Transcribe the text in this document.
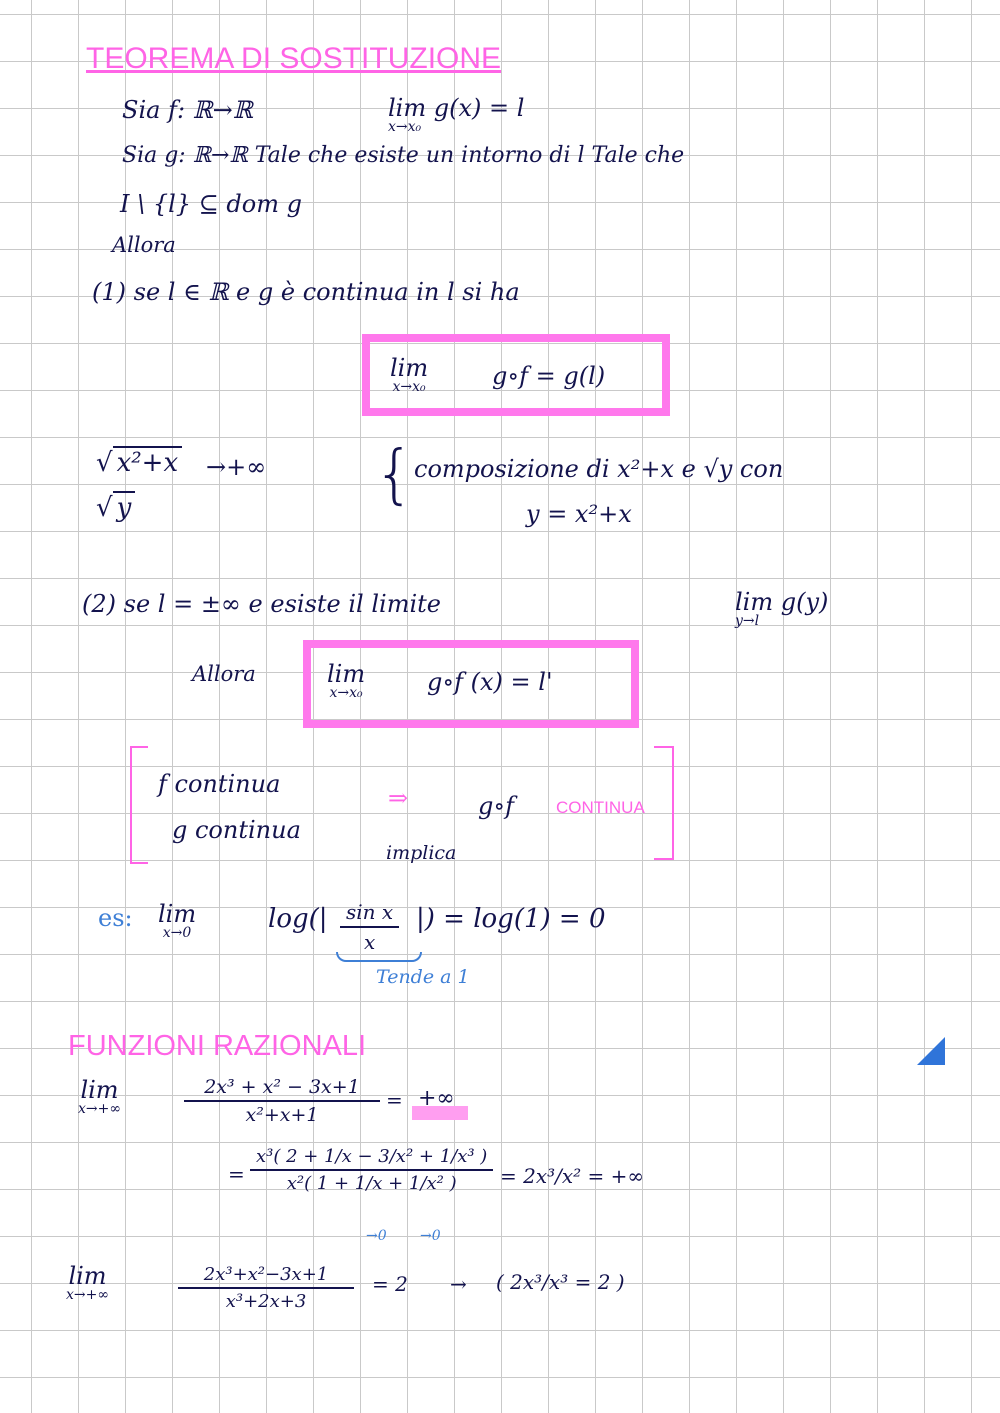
TEOREMA DI SOSTITUZIONE
Sia f: ℝ→ℝ	lim g(x) = l
x→x₀
Sia g: ℝ→ℝ Tale che esiste un intorno di l Tale che
I \ {l} ⊆ dom g
Allora
(1) se l ∈ ℝ e g è continua in l si ha
lim
x→x₀	g∘f = g(l)
√ x²+x →+∞
√ y	{ composizione di x²+x e √y con
y = x²+x
(2) se l = ±∞ e esiste il limite	lim g(y)
y→l
Allora	lim
x→x₀	g∘f (x) = l'
f continua
g continua
⇒
implica
g∘f CONTINUA
es: lim
x→0	$\log(| \frac{\text{sin x}}{x}$ |) = log(1) = 0
Tende a 1
FUNZIONI RAZIONALI
lim
x→+∞	$\frac{\text{2x³ + x² − 3x+1}}{\text{x²+x+1}}$ = +∞
= $\frac{\text{x³( 2 + 1/x − 3/x² + 1/x³ )}}{\text{x²( 1 + 1/x + 1/x² )}}$
→0 →0
= 2x³/x² = +∞
lim
x→+∞	$\frac{\text{2x³+x²−3x+1}}{\text{x³+2x+3}} = 2$ → ( 2x³/x³ = 2 )
